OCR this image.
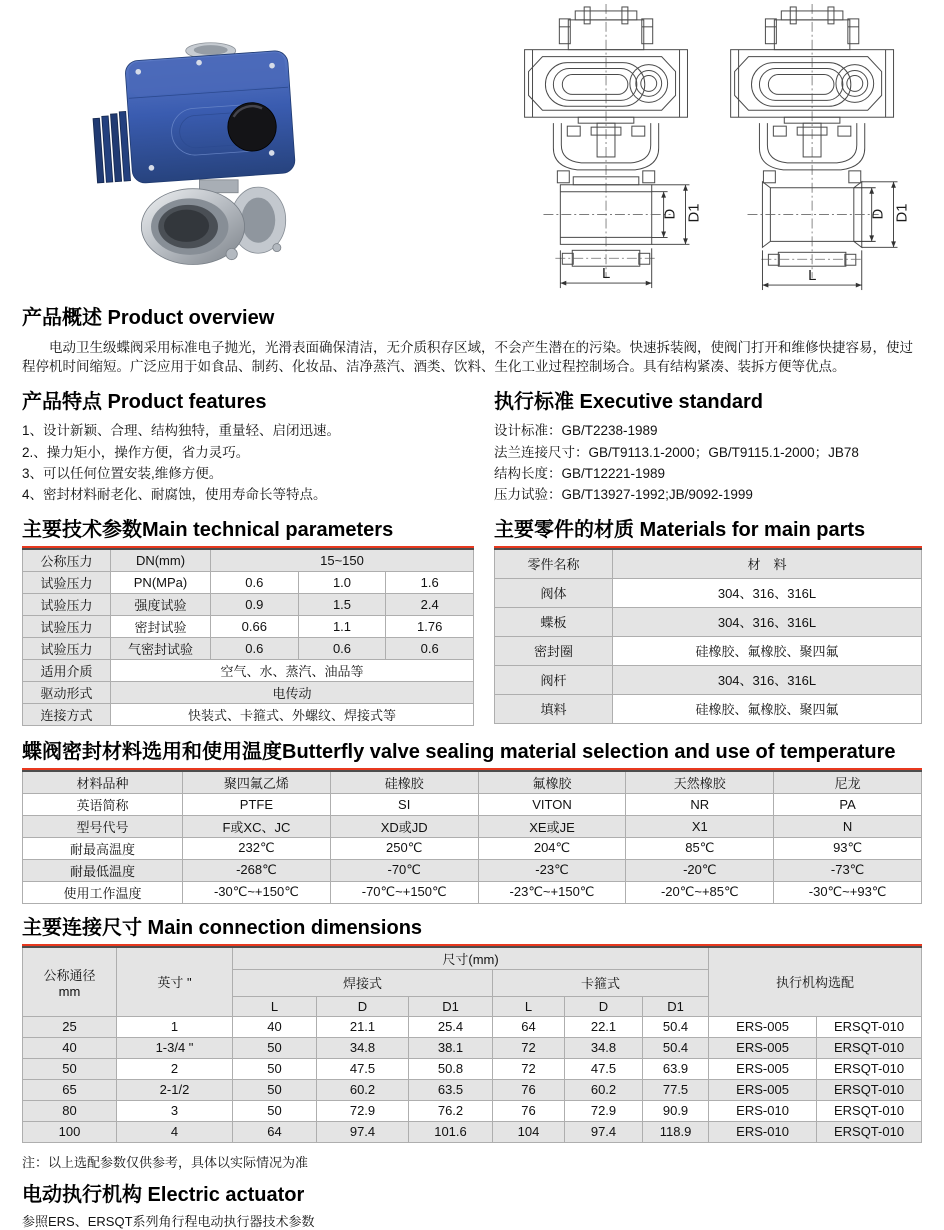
D D1
L
D D1
L
产品概述 Product overview

电动卫生级蝶阀采用标准电子抛光，光滑表面确保清洁，无介质积存区域，不会产生潜在的污染。快速拆装阀，使阀门打开和维修快捷容易，使过程停机时间缩短。广泛应用于如食品、制药、化妆品、洁净蒸汽、酒类、饮料、生化工业过程控制场合。具有结构紧凑、装拆方便等优点。

产品特点 Product features
1、设计新颖、合理、结构独特，重量轻、启闭迅速。
2.、操力矩小，操作方便，省力灵巧。
3、可以任何位置安装,维修方便。
4、密封材料耐老化、耐腐蚀，使用寿命长等特点。
执行标准 Executive standard
设计标准：GB/T2238-1989
法兰连接尺寸：GB/T9113.1-2000；GB/T9115.1-2000；JB78
结构长度：GB/T12221-1989
压力试验：GB/T13927-1992;JB/9092-1999
主要技术参数Main technical parameters
公称压力	DN(mm)	15~150		
试验压力	PN(MPa)	0.6	1.0	1.6
试验压力	强度试验	0.9	1.5	2.4
试验压力	密封试验	0.66	1.1	1.76
试验压力	气密封试验	0.6	0.6	0.6
适用介质	空气、水、蒸汽、油品等			
驱动形式	电传动			
连接方式	快装式、卡箍式、外螺纹、焊接式等			
主要零件的材质 Materials for main parts
零件名称	材　料
阀体	304、316、316L
蝶板	304、316、316L
密封圈	硅橡胶、氟橡胶、聚四氟
阀杆	304、316、316L
填料	硅橡胶、氟橡胶、聚四氟
蝶阀密封材料选用和使用温度Butterfly valve sealing material selection and use of temperature
材料品种	聚四氟乙烯	硅橡胶	氟橡胶	天然橡胶	尼龙
英语简称	PTFE	SI	VITON	NR	PA
型号代号	F或XC、JC	XD或JD	XE或JE	X1	N
耐最高温度	232℃	250℃	204℃	85℃	93℃
耐最低温度	-268℃	-70℃	-23℃	-20℃	-73℃
使用工作温度	-30℃~+150℃	-70℃~+150℃	-23℃~+150℃	-20℃~+85℃	-30℃~+93℃
主要连接尺寸 Main connection dimensions
公称通径
mm	英寸 "	尺寸(mm)						执行机构选配	
		焊接式			卡箍式				
		L	D	D1	L	D	D1		
25	1	40	21.1	25.4	64	22.1	50.4	ERS-005	ERSQT-010
40	1-3/4 "	50	34.8	38.1	72	34.8	50.4	ERS-005	ERSQT-010
50	2	50	47.5	50.8	72	47.5	63.9	ERS-005	ERSQT-010
65	2-1/2	50	60.2	63.5	76	60.2	77.5	ERS-005	ERSQT-010
80	3	50	72.9	76.2	76	72.9	90.9	ERS-010	ERSQT-010
100	4	64	97.4	101.6	104	97.4	118.9	ERS-010	ERSQT-010
注：以上选配参数仅供参考，具体以实际情况为准
电动执行机构 Electric actuator
参照ERS、ERSQT系列角行程电动执行器技术参数
